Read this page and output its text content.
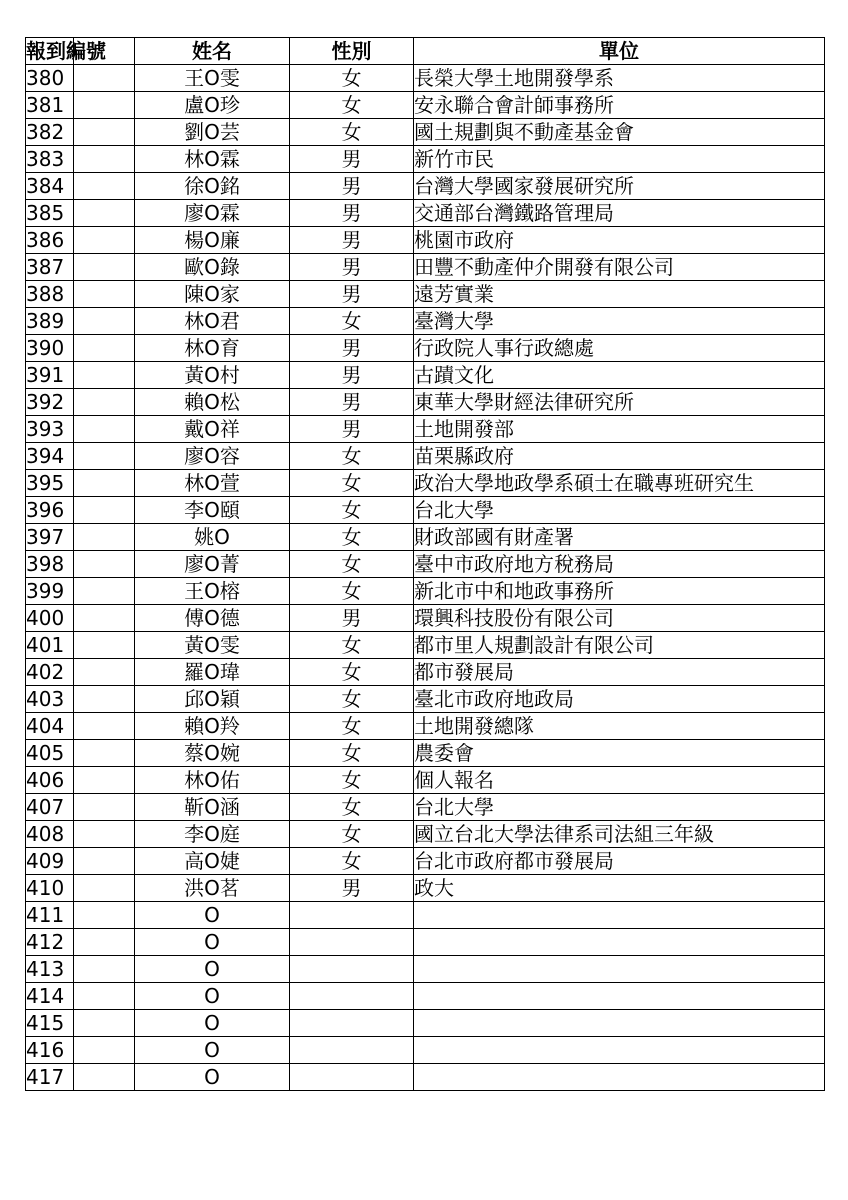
報到編號		姓名	性別	單位
380		王O雯	女	長榮大學土地開發學系
381		盧O珍	女	安永聯合會計師事務所
382		劉O芸	女	國土規劃與不動產基金會
383		林O霖	男	新竹市民
384		徐O銘	男	台灣大學國家發展研究所
385		廖O霖	男	交通部台灣鐵路管理局
386		楊O廉	男	桃園市政府
387		歐O錄	男	田豐不動產仲介開發有限公司
388		陳O家	男	遠芳實業
389		林O君	女	臺灣大學
390		林O育	男	行政院人事行政總處
391		黃O村	男	古蹟文化
392		賴O松	男	東華大學財經法律研究所
393		戴O祥	男	土地開發部
394		廖O容	女	苗栗縣政府
395		林O萱	女	政治大學地政學系碩士在職專班研究生
396		李O頤	女	台北大學
397		姚O	女	財政部國有財產署
398		廖O菁	女	臺中市政府地方稅務局
399		王O榕	女	新北市中和地政事務所
400		傅O德	男	環興科技股份有限公司
401		黃O雯	女	都市里人規劃設計有限公司
402		羅O瑋	女	都市發展局
403		邱O穎	女	臺北市政府地政局
404		賴O羚	女	土地開發總隊
405		蔡O婉	女	農委會
406		林O佑	女	個人報名
407		靳O涵	女	台北大學
408		李O庭	女	國立台北大學法律系司法組三年級
409		高O婕	女	台北市政府都市發展局
410		洪O茗	男	政大
411		O		
412		O		
413		O		
414		O		
415		O		
416		O		
417		O		
